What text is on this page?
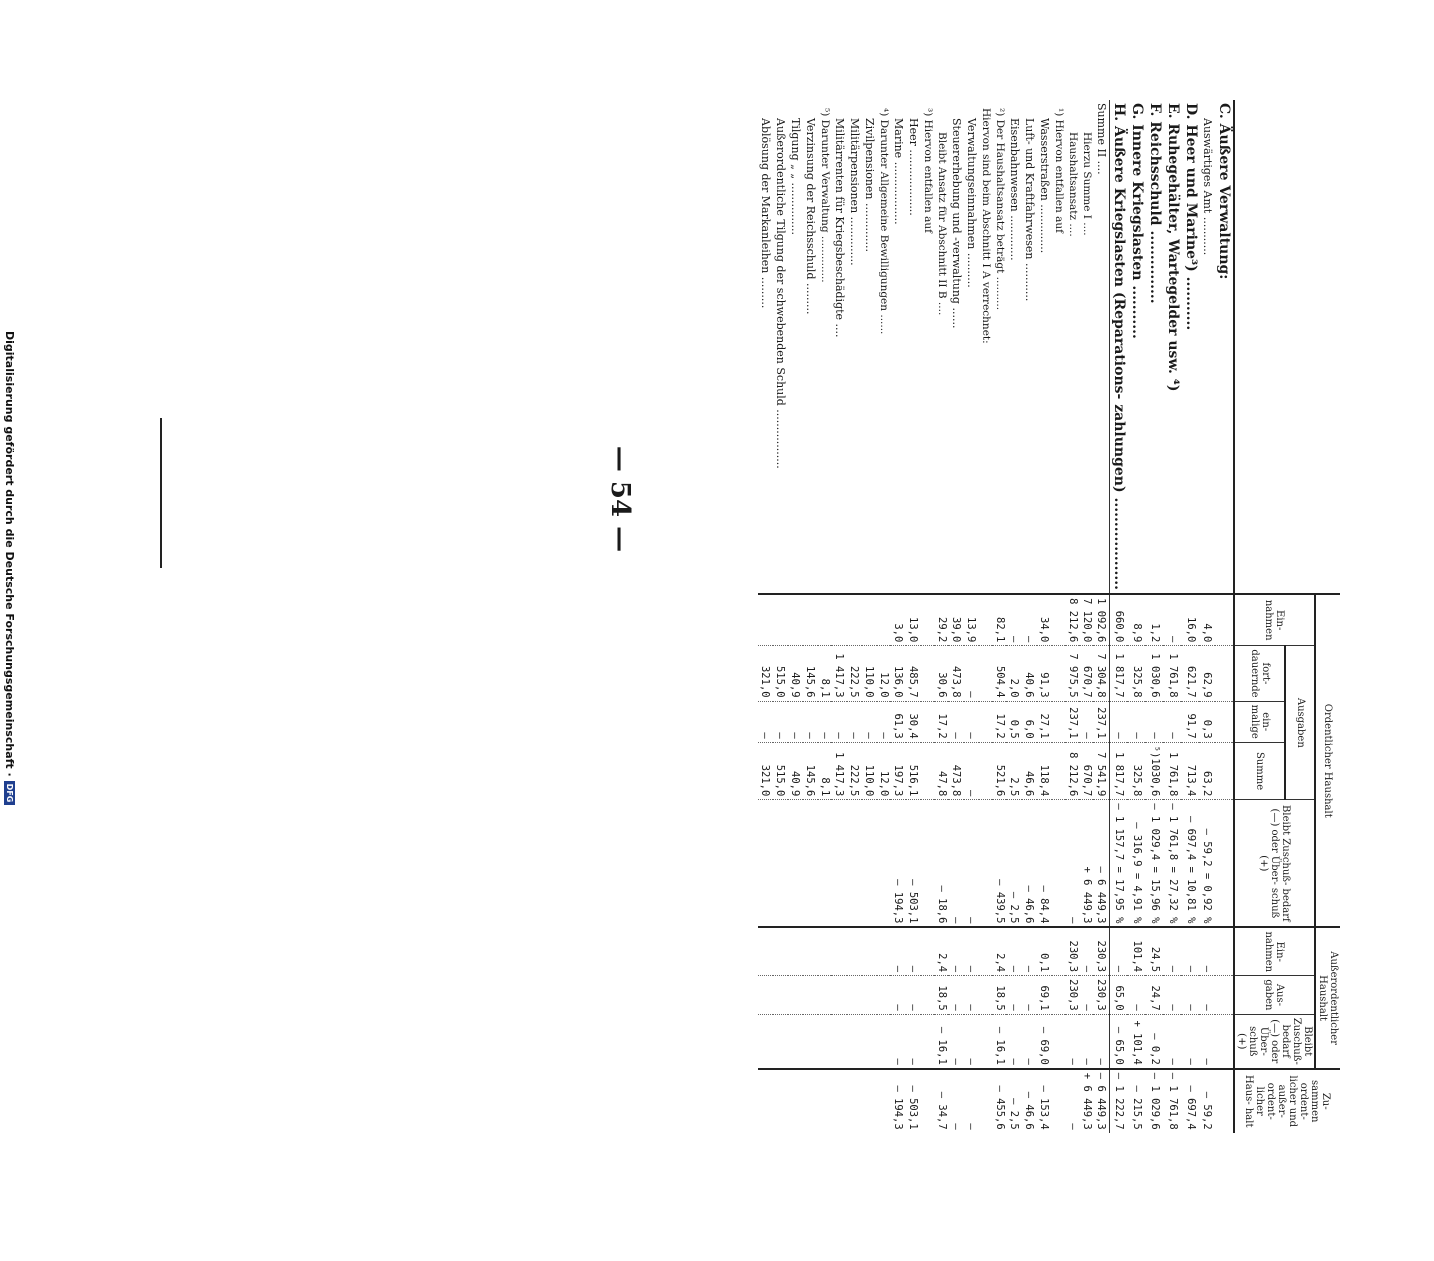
— 54 —
Digitalisierung gefördert durch die Deutsche Forschungsgemeinschaft ·
DFG
		Ordentlicher Haushalt					Außerordentlicher Haushalt			Zu- sammen ordent- licher und außer- ordent- licher Haus- halt
	Ein- nahmen	Ausgaben			Bleibt Zuschuß- bedarf (—) oder Über- schuß (+)	Ein- nahmen	Aus- gaben	Bleibt Zuschuß- bedarf (—) oder Über- schuß (+)	
		fort- dauernde	ein- malige	Summe					
C. Äußere Verwaltung:									
Auswärtiges Amt ...........	4,0	62,9	0,3	63,2	— 59,2 = 0,92 %	—	—	—	— 59,2
D. Heer und Marine³) ...........	16,0	621,7	91,7	713,4	— 697,4 = 10,81 %	—	—	—	— 697,4
E. Ruhegehälter, Wartegelder usw. ⁴)	—	1 761,8	—	1 761,8	— 1 761,8 = 27,32 %	—	—	—	— 1 761,8
F. Reichsschuld ...............	1,2	1 030,6	—	⁵)1030,6	— 1 029,4 = 15,96 %	24,5	24,7	— 0,2	— 1 029,6
G. Innere Kriegslasten ...........	8,9	325,8	—	325,8	— 316,9 = 4,91 %	101,4	—	+ 101,4	— 215,5
H. Äußere Kriegslasten (Reparations- zahlungen) ...................	660,0	1 817,7	—	1 817,7	— 1 157,7 = 17,95 %	—	65,0	— 65,0	— 1 222,7
Summe II ....	1 092,6	7 304,8	237,1	7 541,9	— 6 449,3	230,3	230,3	—	— 6 449,3
Hierzu Summe I ....	7 120,0	670,7	—	670,7	+ 6 449,3	—	—	—	+ 6 449,3
Haushaltsansatz ....	8 212,6	7 975,5	237,1	8 212,6	—	230,3	230,3	—	—
¹) Hiervon entfallen auf									
Wasserstraßen ..............	34,0	91,3	27,1	118,4	— 84,4	0,1	69,1	— 69,0	— 153,4
Luft- und Kraftfahrwesen ...........	—	40,6	6,0	46,6	— 46,6	—	—	—	— 46,6
Eisenbahnwesen .............	—	2,0	0,5	2,5	— 2,5	—	—	—	— 2,5
²) Der Haushaltsansatz beträgt ..........	82,1	504,4	17,2	521,6	— 439,5	2,4	18,5	— 16,1	— 455,6
Hiervon sind beim Abschnitt I A verrechnet:									
Verwaltungseinnahmen ..........	13,9	—	—	—	—	—	—	—	—
Steuererhebung und -verwaltung ......	39,0	473,8	—	473,8	—	—	—	—	—
Bleibt Ansatz für Abschnitt II B ....	29,2	30,6	17,2	47,8	— 18,6	2,4	18,5	— 16,1	— 34,7
³) Hiervon entfallen auf									
Heer ...................	13,0	485,7	30,4	516,1	— 503,1	—	—	—	— 503,1
Marine ..................	3,0	136,0	61,3	197,3	— 194,3	—	—	—	— 194,3
⁴) Darunter Allgemeine Bewilligungen ......		12,0	—	12,0					
Zivilpensionen ..............		110,0	—	110,0					
Militärpensionen ..............		222,5	—	222,5					
Militärrenten für Kriegsbeschädigte ....		1 417,3	—	1 417,3					
⁵) Darunter Verwaltung ..............		8,1	—	8,1					
Verzinsung der Reichsschuld .........		145,6	—	145,6					
Tilgung „ „ ...............		40,9	—	40,9					
Außerordentliche Tilgung der schwebenden Schuld .................		515,0	—	515,0					
Ablösung der Markanleihen .........		321,0	—	321,0					
